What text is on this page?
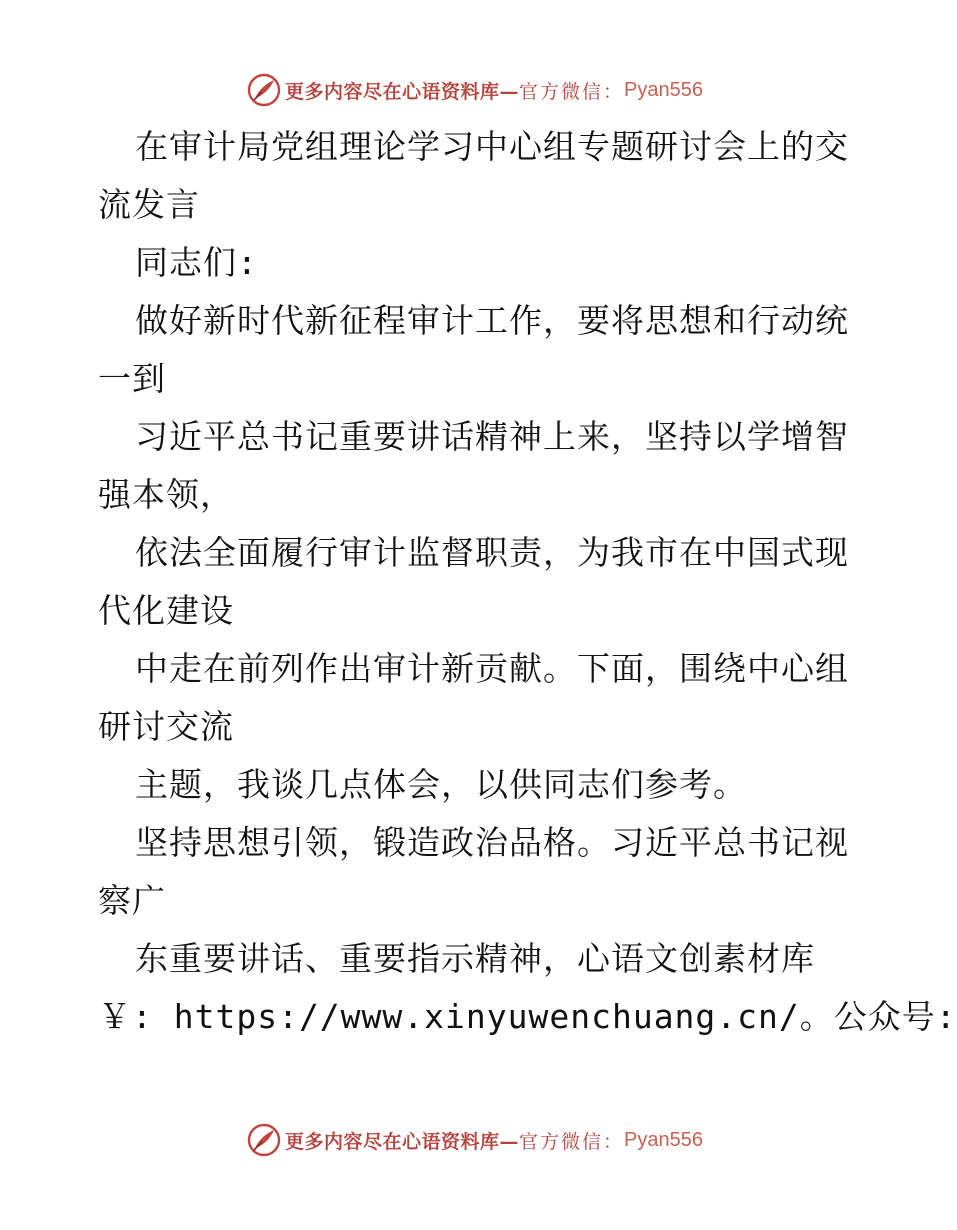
更多内容尽在心语资料库— 官方微信： Pyan556
在审计局党组理论学习中心组专题研讨会上的交
流发言
同志们:
做好新时代新征程审计工作，要将思想和行动统
一到
习近平总书记重要讲话精神上来，坚持以学增智
强本领，
依法全面履行审计监督职责，为我市在中国式现
代化建设
中走在前列作出审计新贡献。下面，围绕中心组
研讨交流
主题，我谈几点体会，以供同志们参考。
坚持思想引领，锻造政治品格。习近平总书记视
察广
东重要讲话、重要指示精神，心语文创素材库
￥: https://www.xinyuwenchuang.cn/。公众号:
更多内容尽在心语资料库— 官方微信： Pyan556
